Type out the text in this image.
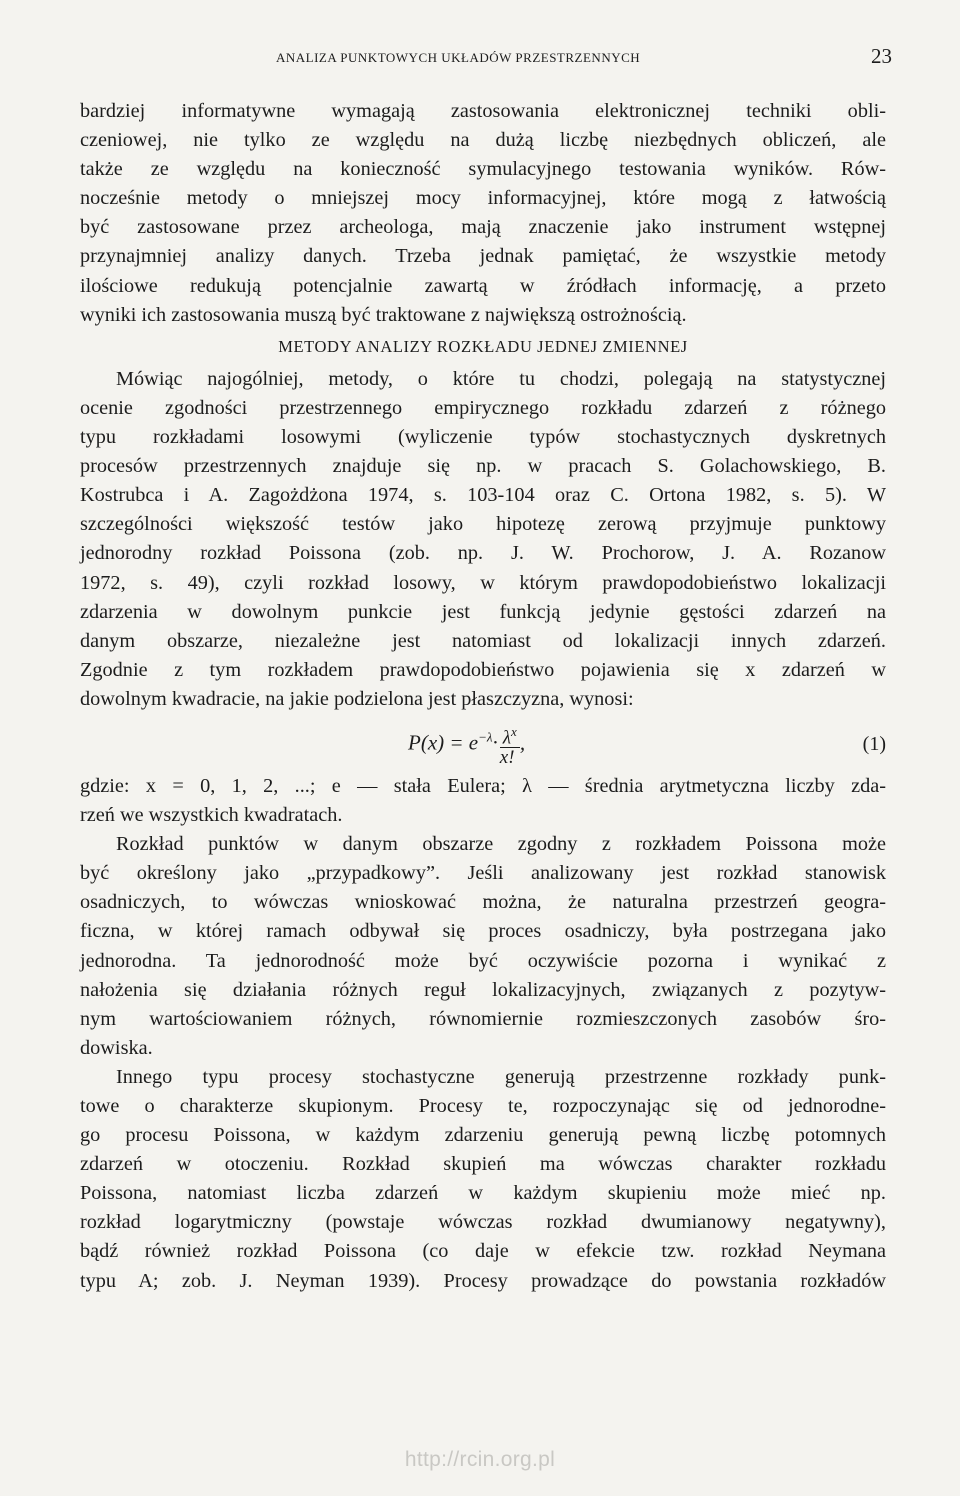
ANALIZA PUNKTOWYCH UKŁADÓW PRZESTRZENNYCH	23
bardziej informatywne wymagają zastosowania elektronicznej techniki obli-
czeniowej, nie tylko ze względu na dużą liczbę niezbędnych obliczeń, ale
także ze względu na konieczność symulacyjnego testowania wyników. Rów-
nocześnie metody o mniejszej mocy informacyjnej, które mogą z łatwością
być zastosowane przez archeologa, mają znaczenie jako instrument wstępnej
przynajmniej analizy danych. Trzeba jednak pamiętać, że wszystkie metody
ilościowe redukują potencjalnie zawartą w źródłach informację, a przeto
wyniki ich zastosowania muszą być traktowane z największą ostrożnością.
METODY ANALIZY ROZKŁADU JEDNEJ ZMIENNEJ
Mówiąc najogólniej, metody, o które tu chodzi, polegają na statystycznej
ocenie zgodności przestrzennego empirycznego rozkładu zdarzeń z różnego
typu rozkładami losowymi (wyliczenie typów stochastycznych dyskretnych
procesów przestrzennych znajduje się np. w pracach S. Golachowskiego, B.
Kostrubca i A. Zagożdżona 1974, s. 103-104 oraz C. Ortona 1982, s. 5). W
szczególności większość testów jako hipotezę zerową przyjmuje punktowy
jednorodny rozkład Poissona (zob. np. J. W. Prochorow, J. A. Rozanow
1972, s. 49), czyli rozkład losowy, w którym prawdopodobieństwo lokalizacji
zdarzenia w dowolnym punkcie jest funkcją jedynie gęstości zdarzeń na
danym obszarze, niezależne jest natomiast od lokalizacji innych zdarzeń.
Zgodnie z tym rozkładem prawdopodobieństwo pojawienia się x zdarzeń w
dowolnym kwadracie, na jakie podzielona jest płaszczyzna, wynosi:
$P(x) = e^{-\lambda}\cdot \frac{\lambda^x}{x!}$ ,	(1)
gdzie: x = 0, 1, 2, ...; e — stała Eulera; λ — średnia arytmetyczna liczby zda-
rzeń we wszystkich kwadratach.
Rozkład punktów w danym obszarze zgodny z rozkładem Poissona może
być określony jako „przypadkowy”. Jeśli analizowany jest rozkład stanowisk
osadniczych, to wówczas wnioskować można, że naturalna przestrzeń geogra-
ficzna, w której ramach odbywał się proces osadniczy, była postrzegana jako
jednorodna. Ta jednorodność może być oczywiście pozorna i wynikać z
nałożenia się działania różnych reguł lokalizacyjnych, związanych z pozytyw-
nym wartościowaniem różnych, równomiernie rozmieszczonych zasobów śro-
dowiska.
Innego typu procesy stochastyczne generują przestrzenne rozkłady punk-
towe o charakterze skupionym. Procesy te, rozpoczynając się od jednorodne-
go procesu Poissona, w każdym zdarzeniu generują pewną liczbę potomnych
zdarzeń w otoczeniu. Rozkład skupień ma wówczas charakter rozkładu
Poissona, natomiast liczba zdarzeń w każdym skupieniu może mieć np.
rozkład logarytmiczny (powstaje wówczas rozkład dwumianowy negatywny),
bądź również rozkład Poissona (co daje w efekcie tzw. rozkład Neymana
typu A; zob. J. Neyman 1939). Procesy prowadzące do powstania rozkładów
http://rcin.org.pl
